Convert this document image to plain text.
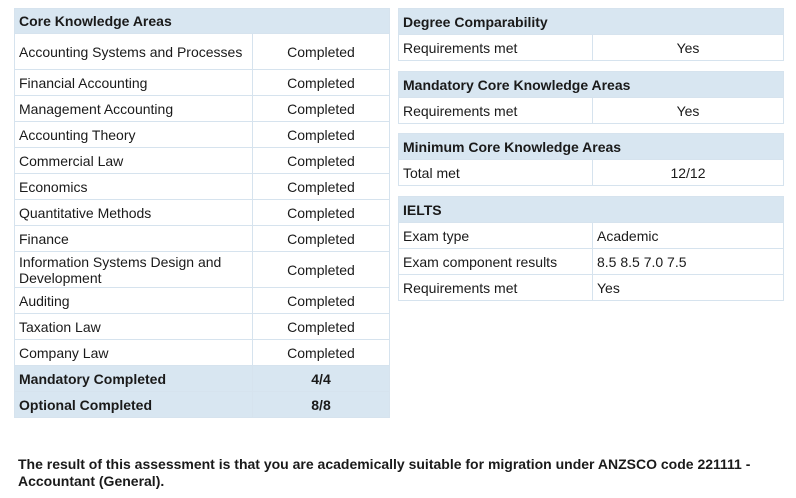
Core Knowledge Areas	
Accounting Systems and Processes	Completed
Financial Accounting	Completed
Management Accounting	Completed
Accounting Theory	Completed
Commercial Law	Completed
Economics	Completed
Quantitative Methods	Completed
Finance	Completed
Information Systems Design and Development	Completed
Auditing	Completed
Taxation Law	Completed
Company Law	Completed
Mandatory Completed	4/4
Optional Completed	8/8
Degree Comparability
Requirements met	Yes
Mandatory Core Knowledge Areas
Requirements met	Yes
Minimum Core Knowledge Areas
Total met	12/12
IELTS	
Exam type	Academic
Exam component results	8.5 8.5 7.0 7.5
Requirements met	Yes
The result of this assessment is that you are academically suitable for migration under ANZSCO code 221111 - Accountant (General).
